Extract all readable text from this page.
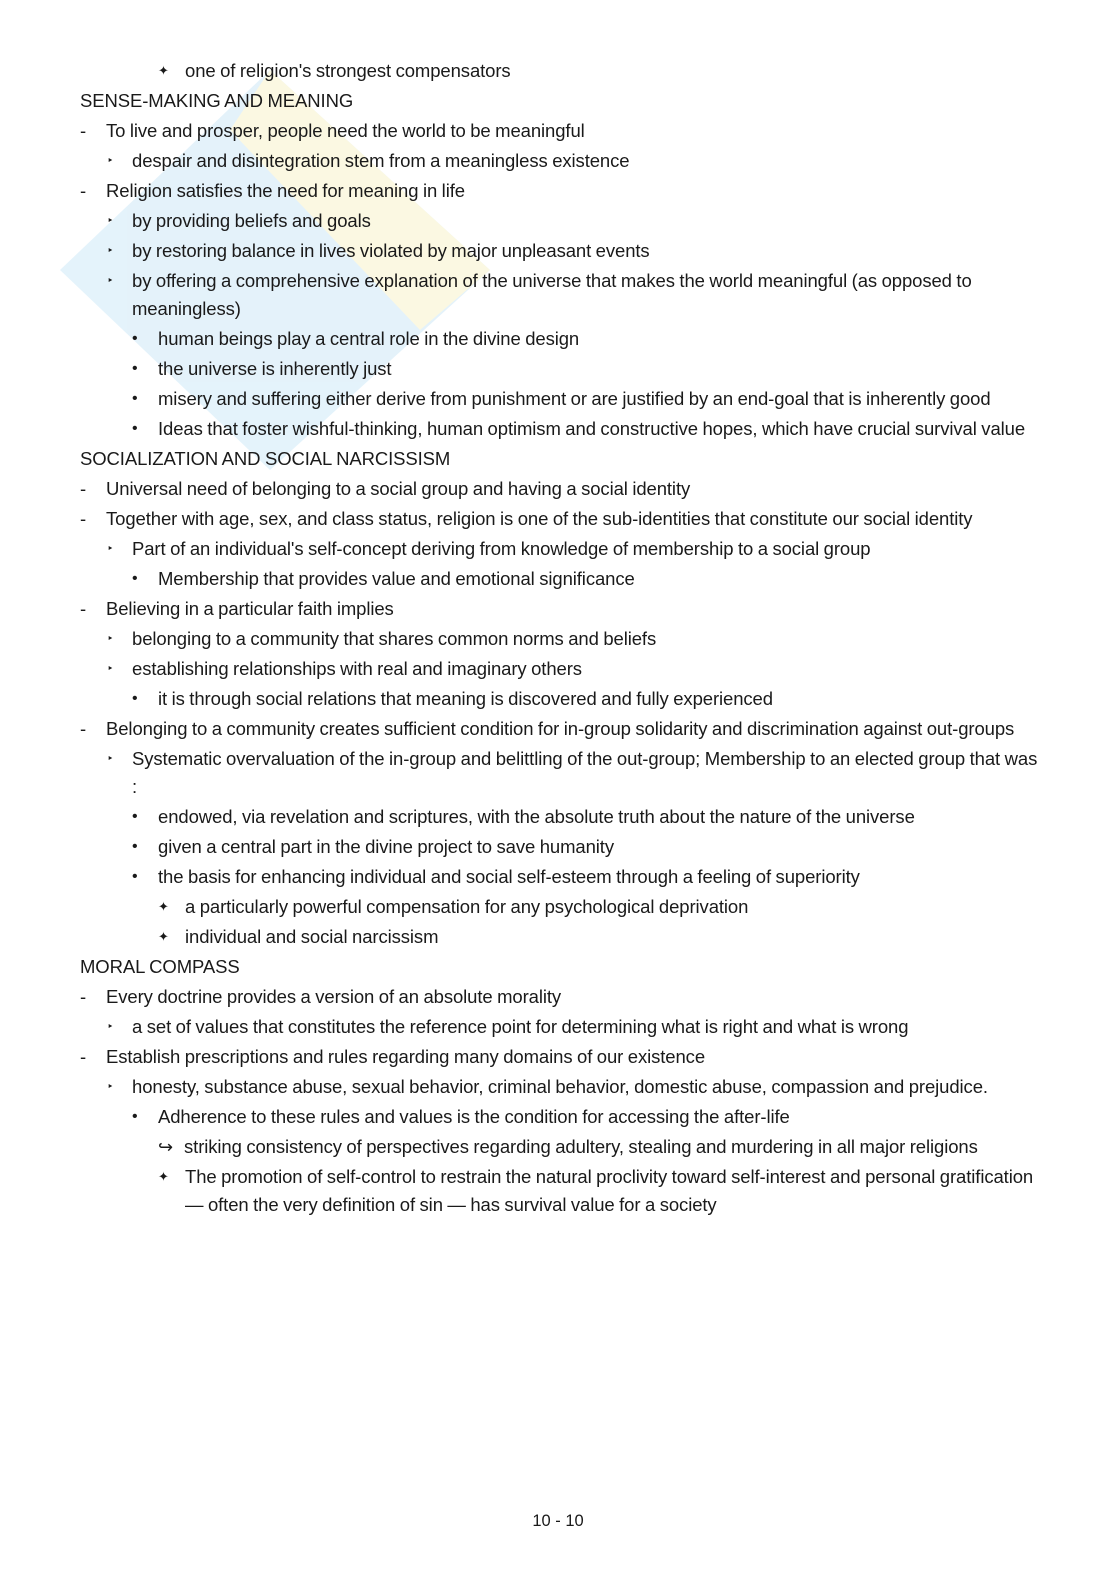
✦ one of religion's strongest compensators
SENSE-MAKING AND MEANING
-	To live and prosper, people need the world to be meaningful
‣	despair and disintegration stem from a meaningless existence
-	Religion satisfies the need for meaning in life
‣	by providing beliefs and goals
‣	by restoring balance in lives violated by major unpleasant events
‣	by offering a comprehensive explanation of the universe that makes the world meaningful (as opposed to meaningless)
•	human beings play a central role in the divine design
•	the universe is inherently just
•	misery and suffering either derive from punishment or are justified by an end-goal that is inherently good
•	Ideas that foster wishful-thinking, human optimism and constructive hopes, which have crucial survival value
SOCIALIZATION AND SOCIAL NARCISSISM
-	Universal need of belonging to a social group and having a social identity
-	Together with age, sex, and class status, religion is one of the sub-identities that constitute our social identity
‣	Part of an individual's self-concept deriving from knowledge of membership to a social group
•	Membership that provides value and emotional significance
-	Believing in a particular faith implies
‣	belonging to a community that shares common norms and beliefs
‣	establishing relationships with real and imaginary others
•	it is through social relations that meaning is discovered and fully experienced
-	Belonging to a community creates sufficient condition for in-group solidarity and discrimination against out-groups
‣	Systematic overvaluation of the in-group and belittling of the out-group; Membership to an elected group that was :
•	endowed, via revelation and scriptures, with the absolute truth about the nature of the universe
•	given a central part in the divine project to save humanity
•	the basis for enhancing individual and social self-esteem through a feeling of superiority
✦ a particularly powerful compensation for any psychological deprivation
✦ individual and social narcissism
MORAL COMPASS
-	Every doctrine provides a version of an absolute morality
‣	a set of values that constitutes the reference point for determining what is right and what is wrong
-	Establish prescriptions and rules regarding many domains of our existence
‣	honesty, substance abuse, sexual behavior, criminal behavior, domestic abuse, compassion and prejudice.
•	Adherence to these rules and values is the condition for accessing the after-life
↪ striking consistency of perspectives regarding adultery, stealing and murdering in all major religions
✦ The promotion of self-control to restrain the natural proclivity toward self-interest and personal gratification — often the very definition of sin — has survival value for a society
10 - 10
